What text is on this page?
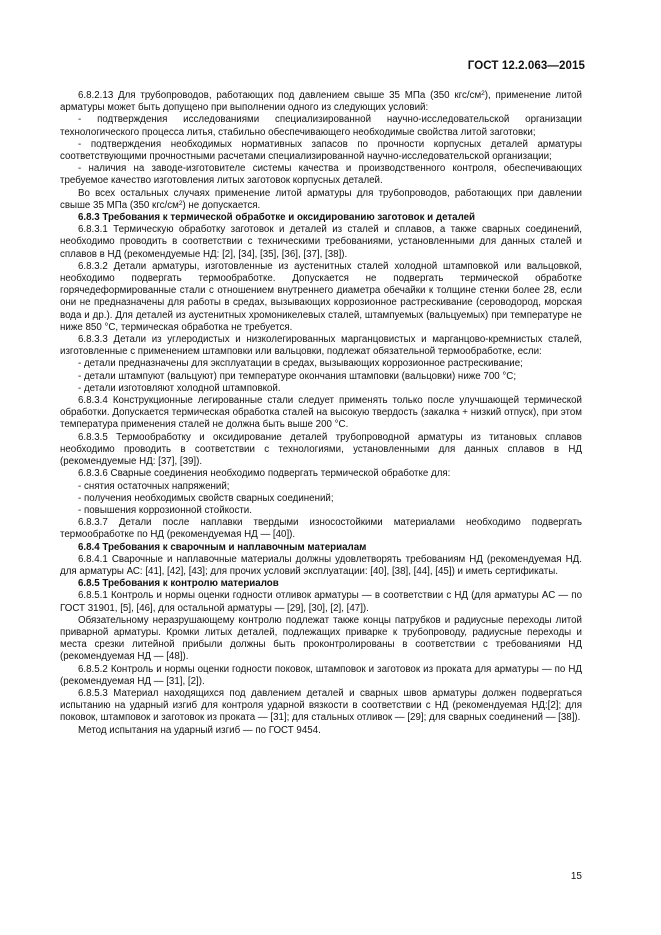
ГОСТ 12.2.063—2015

6.8.2.13 Для трубопроводов, работающих под давлением свыше 35 МПа (350 кгс/$см^2$), применение литой арматуры может быть допущено при выполнении одного из следующих условий:

- подтверждения исследованиями специализированной научно-исследовательской организации технологического процесса литья, стабильно обеспечивающего необходимые свойства литой заготовки;

- подтверждения необходимых нормативных запасов по прочности корпусных деталей арматуры соответствующими прочностными расчетами специализированной научно-исследовательской организации;

- наличия на заводе-изготовителе системы качества и производственного контроля, обеспечивающих требуемое качество изготовления литых заготовок корпусных деталей.

Во всех остальных случаях применение литой арматуры для трубопроводов, работающих при давлении свыше 35 МПа (350 кгс/$см^2$) не допускается.

6.8.3 Требования к термической обработке и оксидированию заготовок и деталей

6.8.3.1 Термическую обработку заготовок и деталей из сталей и сплавов, а также сварных соединений, необходимо проводить в соответствии с техническими требованиями, установленными для данных сталей и сплавов в НД (рекомендуемые НД: [2], [34], [35], [36], [37], [38]).

6.8.3.2 Детали арматуры, изготовленные из аустенитных сталей холодной штамповкой или вальцовкой, необходимо подвергать термообработке. Допускается не подвергать термической обработке горячедеформированные стали с отношением внутреннего диаметра обечайки к толщине стенки более 28, если они не предназначены для работы в средах, вызывающих коррозионное растрескивание (сероводород, морская вода и др.). Для деталей из аустенитных хромоникелевых сталей, штампуемых (вальцуемых) при температуре не ниже 850 °С, термическая обработка не требуется.

6.8.3.3 Детали из углеродистых и низколегированных марганцовистых и марганцово-кремнистых сталей, изготовленные с применением штамповки или вальцовки, подлежат обязательной термообработке, если:

- детали предназначены для эксплуатации в средах, вызывающих коррозионное растрескивание;

- детали штампуют (вальцуют) при температуре окончания штамповки (вальцовки) ниже 700 °С;

- детали изготовляют холодной штамповкой.

6.8.3.4 Конструкционные легированные стали следует применять только после улучшающей термической обработки. Допускается термическая обработка сталей на высокую твердость (закалка + низкий отпуск), при этом температура применения сталей не должна быть выше 200 °С.

6.8.3.5 Термообработку и оксидирование деталей трубопроводной арматуры из титановых сплавов необходимо проводить в соответствии с технологиями, установленными для данных сплавов в НД (рекомендуемые НД: [37], [39]).

6.8.3.6 Сварные соединения необходимо подвергать термической обработке для:

- снятия остаточных напряжений;

- получения необходимых свойств сварных соединений;

- повышения коррозионной стойкости.

6.8.3.7 Детали после наплавки твердыми износостойкими материалами необходимо подвергать термообработке по НД (рекомендуемая НД — [40]).

6.8.4 Требования к сварочным и наплавочным материалам

6.8.4.1 Сварочные и наплавочные материалы должны удовлетворять требованиям НД (рекомендуемая НД. для арматуры АС: [41], [42], [43]; для прочих условий эксплуатации: [40], [38], [44], [45]) и иметь сертификаты.

6.8.5 Требования к контролю материалов

6.8.5.1 Контроль и нормы оценки годности отливок арматуры — в соответствии с НД (для арматуры АС — по ГОСТ 31901, [5], [46], для остальной арматуры — [29], [30], [2], [47]).

Обязательному неразрушающему контролю подлежат также концы патрубков и радиусные переходы литой приварной арматуры. Кромки литых деталей, подлежащих приварке к трубопроводу, радиусные переходы и места срезки литейной прибыли должны быть проконтролированы в соответствии с требованиями НД (рекомендуемая НД — [48]).

6.8.5.2 Контроль и нормы оценки годности поковок, штамповок и заготовок из проката для арматуры — по НД (рекомендуемая НД — [31], [2]).

6.8.5.3 Материал находящихся под давлением деталей и сварных швов арматуры должен подвергаться испытанию на ударный изгиб для контроля ударной вязкости в соответствии с НД (рекомендуемая НД:[2]; для поковок, штамповок и заготовок из проката — [31]; для стальных отливок — [29]; для сварных соединений — [38]).

Метод испытания на ударный изгиб — по ГОСТ 9454.

15
